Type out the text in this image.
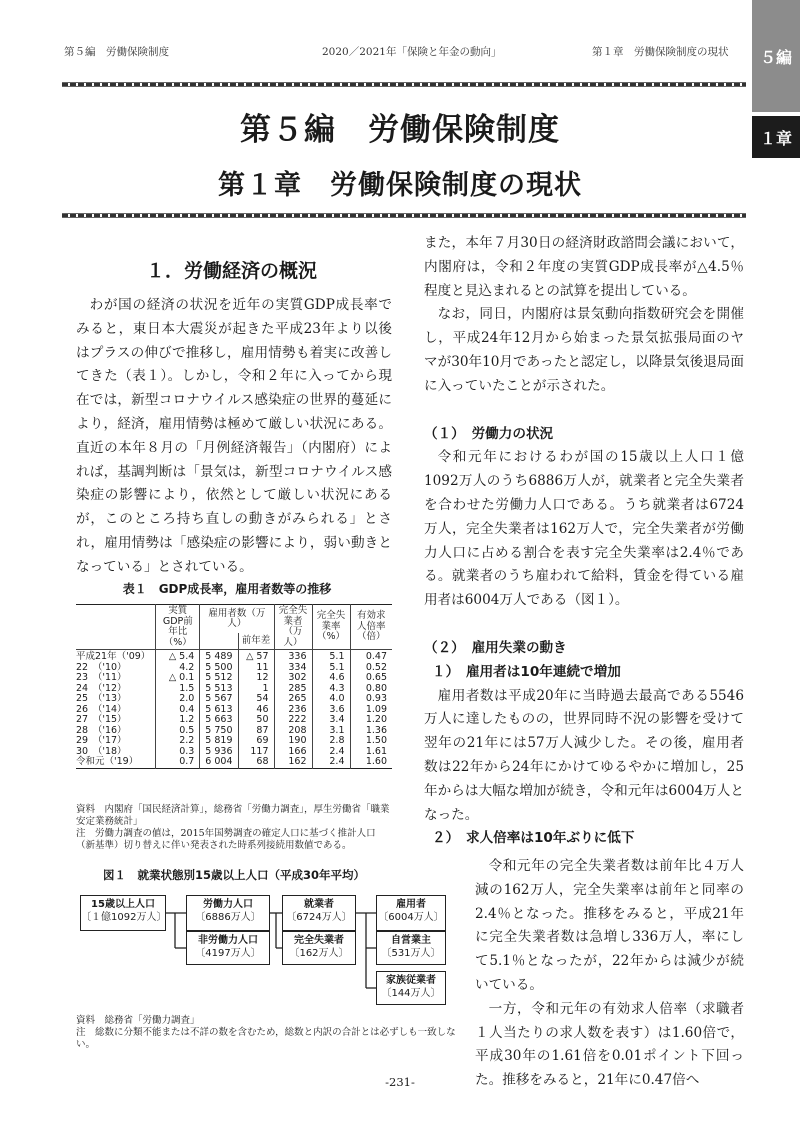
第５編　労働保険制度	2020／2021年「保険と年金の動向」	第１章　労働保険制度の現状	５編
１章
第５編　労働保険制度
第１章　労働保険制度の現状
１．労働経済の概況

わが国の経済の状況を近年の実質GDP成長率でみると，東日本大震災が起きた平成23年より以後はプラスの伸びで推移し，雇用情勢も着実に改善してきた（表１）。しかし，令和２年に入ってから現在では，新型コロナウイルス感染症の世界的蔓延により，経済，雇用情勢は極めて厳しい状況にある。直近の本年８月の「月例経済報告」（内閣府）によれば，基調判断は「景気は，新型コロナウイルス感染症の影響により，依然として厳しい状況にあるが，このところ持ち直しの動きがみられる」とされ，雇用情勢は「感染症の影響により，弱い動きとなっている」とされている。

表１　GDP成長率，雇用者数等の推移
	実質GDP前年比（%）	雇用者数（万人）		完全失業者（万人）	完全失業率（%）	有効求人倍率（倍）
			前年差			
平成21年（'09）	△ 5.4	5 489	△ 57	336	5.1	0.47
22　（'10）	4.2	5 500	11	334	5.1	0.52
23　（'11）	△ 0.1	5 512	12	302	4.6	0.65
24　（'12）	1.5	5 513	1	285	4.3	0.80
25　（'13）	2.0	5 567	54	265	4.0	0.93
26　（'14）	0.4	5 613	46	236	3.6	1.09
27　（'15）	1.2	5 663	50	222	3.4	1.20
28　（'16）	0.5	5 750	87	208	3.1	1.36
29　（'17）	2.2	5 819	69	190	2.8	1.50
30　（'18）	0.3	5 936	117	166	2.4	1.61
令和元（'19）	0.7	6 004	68	162	2.4	1.60
資料　内閣府「国民経済計算」，総務省「労働力調査」，厚生労働省「職業安定業務統計」
注　労働力調査の値は，2015年国勢調査の確定人口に基づく推計人口（新基準）切り替えに伴い発表された時系列接続用数値である。
図１　就業状態別15歳以上人口（平成30年平均）
15歳以上人口
〔１億1092万人〕
労働力人口
〔6886万人〕
非労働力人口
〔4197万人〕
就業者
〔6724万人〕
完全失業者
〔162万人〕
雇用者
〔6004万人〕
自営業主
〔531万人〕
家族従業者
〔144万人〕
資料　総務省「労働力調査」
注　総数に分類不能または不詳の数を含むため，総数と内訳の合計とは必ずしも一致しない。
また，本年７月30日の経済財政諮問会議において，内閣府は，令和２年度の実質GDP成長率が△4.5％程度と見込まれるとの試算を提出している。

なお，同日，内閣府は景気動向指数研究会を開催し，平成24年12月から始まった景気拡張局面のヤマが30年10月であったと認定し，以降景気後退局面に入っていたことが示された。

（１）　労働力の状況

令和元年におけるわが国の15歳以上人口１億1092万人のうち6886万人が，就業者と完全失業者を合わせた労働力人口である。うち就業者は6724万人，完全失業者は162万人で，完全失業者が労働力人口に占める割合を表す完全失業率は2.4％である。就業者のうち雇われて給料，賃金を得ている雇用者は6004万人である（図１）。

（２）　雇用失業の動き
１）　雇用者は10年連続で増加

雇用者数は平成20年に当時過去最高である5546万人に達したものの，世界同時不況の影響を受けて翌年の21年には57万人減少した。その後，雇用者数は22年から24年にかけてゆるやかに増加し，25年からは大幅な増加が続き，令和元年は6004万人となった。

２）　求人倍率は10年ぶりに低下

令和元年の完全失業者数は前年比４万人減の162万人，完全失業率は前年と同率の2.4％となった。推移をみると，平成21年に完全失業者数は急増し336万人，率にして5.1％となったが，22年からは減少が続いている。

一方，令和元年の有効求人倍率（求職者１人当たりの求人数を表す）は1.60倍で，平成30年の1.61倍を0.01ポイント下回った。推移をみると，21年に0.47倍へ

-231-
